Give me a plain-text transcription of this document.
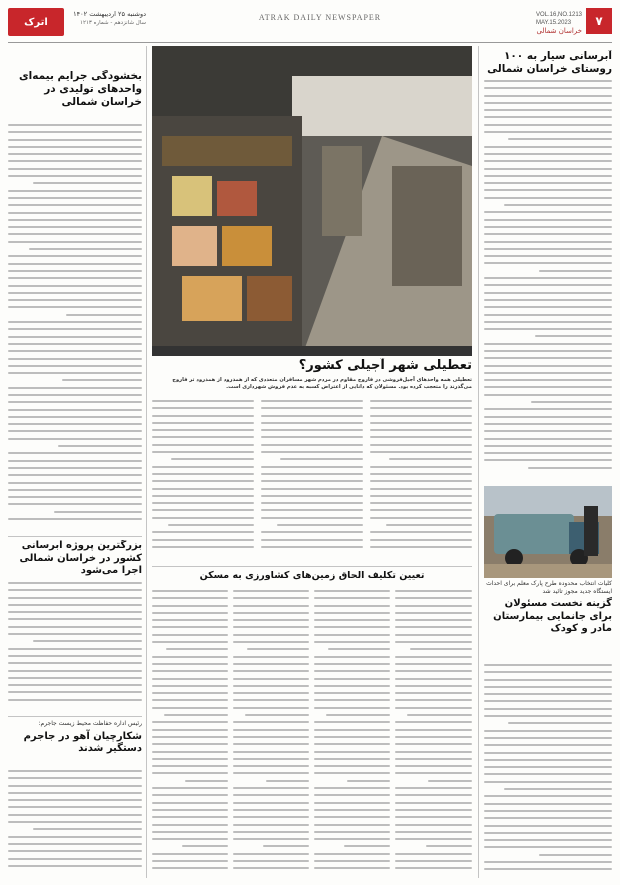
۷
VOL.16,NO.1213
MAY.15.2023
خراسان شمالی
ATRAK DAILY NEWSPAPER
اترک
دوشنبه ۲۵ اردیبهشت ۱۴۰۲
سال شانزدهم - شماره ۱۲۱۳
آبرسانی سیار به ۱۰۰ روستای خراسان شمالی
کلیات انتخاب محدوده طرح پارک معلم برای احداث ایستگاه جدید مجوز تائید شد
گزینه نخست مسئولان برای جانمایی بیمارستان مادر و کودک
تعطیلی شهر آجیلی کشور؟
تعطیلی همه واحدهای آجیل‌فروشی در فاروج مقاوم در مردم شهر مسافران متعددی که از همدرود از همدرود تر فاروج می‌گذرند را متعجب کرده بود. مسئولان که دانایی از اعتراض کسبه به عدم فروش شهرداری است.
تعیین تکلیف الحاق زمین‌های کشاورزی به مسکن
بخشودگی جرایم بیمه‌ای واحدهای تولیدی در خراسان شمالی
بزرگترین پروژه آبرسانی کشور در خراسان شمالی اجرا می‌شود
رئیس اداره حفاظت محیط زیست جاجرم:
شکارچیان آهو در جاجرم دستگیر شدند
